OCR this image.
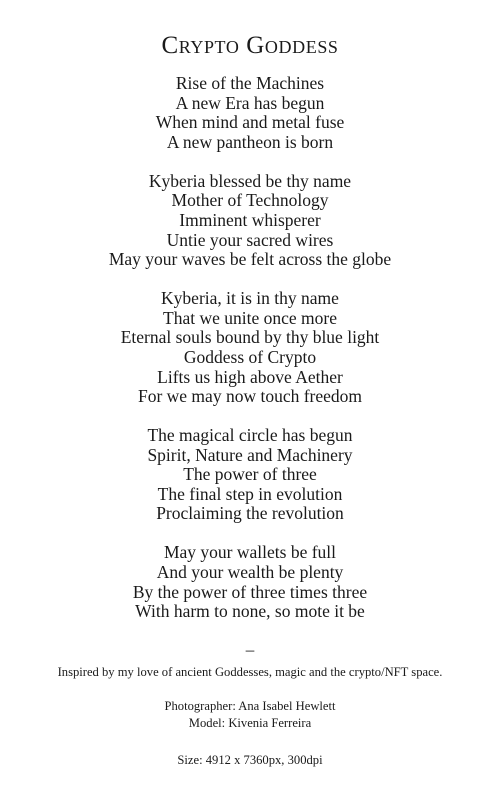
Crypto Goddess
Rise of the Machines
A new Era has begun
When mind and metal fuse
A new pantheon is born
Kyberia blessed be thy name
Mother of Technology
Imminent whisperer
Untie your sacred wires
May your waves be felt across the globe
Kyberia, it is in thy name
That we unite once more
Eternal souls bound by thy blue light
Goddess of Crypto
Lifts us high above Aether
For we may now touch freedom
The magical circle has begun
Spirit, Nature and Machinery
The power of three
The final step in evolution
Proclaiming the revolution
May your wallets be full
And your wealth be plenty
By the power of three times three
With harm to none, so mote it be
–
Inspired by my love of ancient Goddesses, magic and the crypto/NFT space.
Photographer: Ana Isabel Hewlett
Model: Kivenia Ferreira
Size: 4912 x 7360px, 300dpi
